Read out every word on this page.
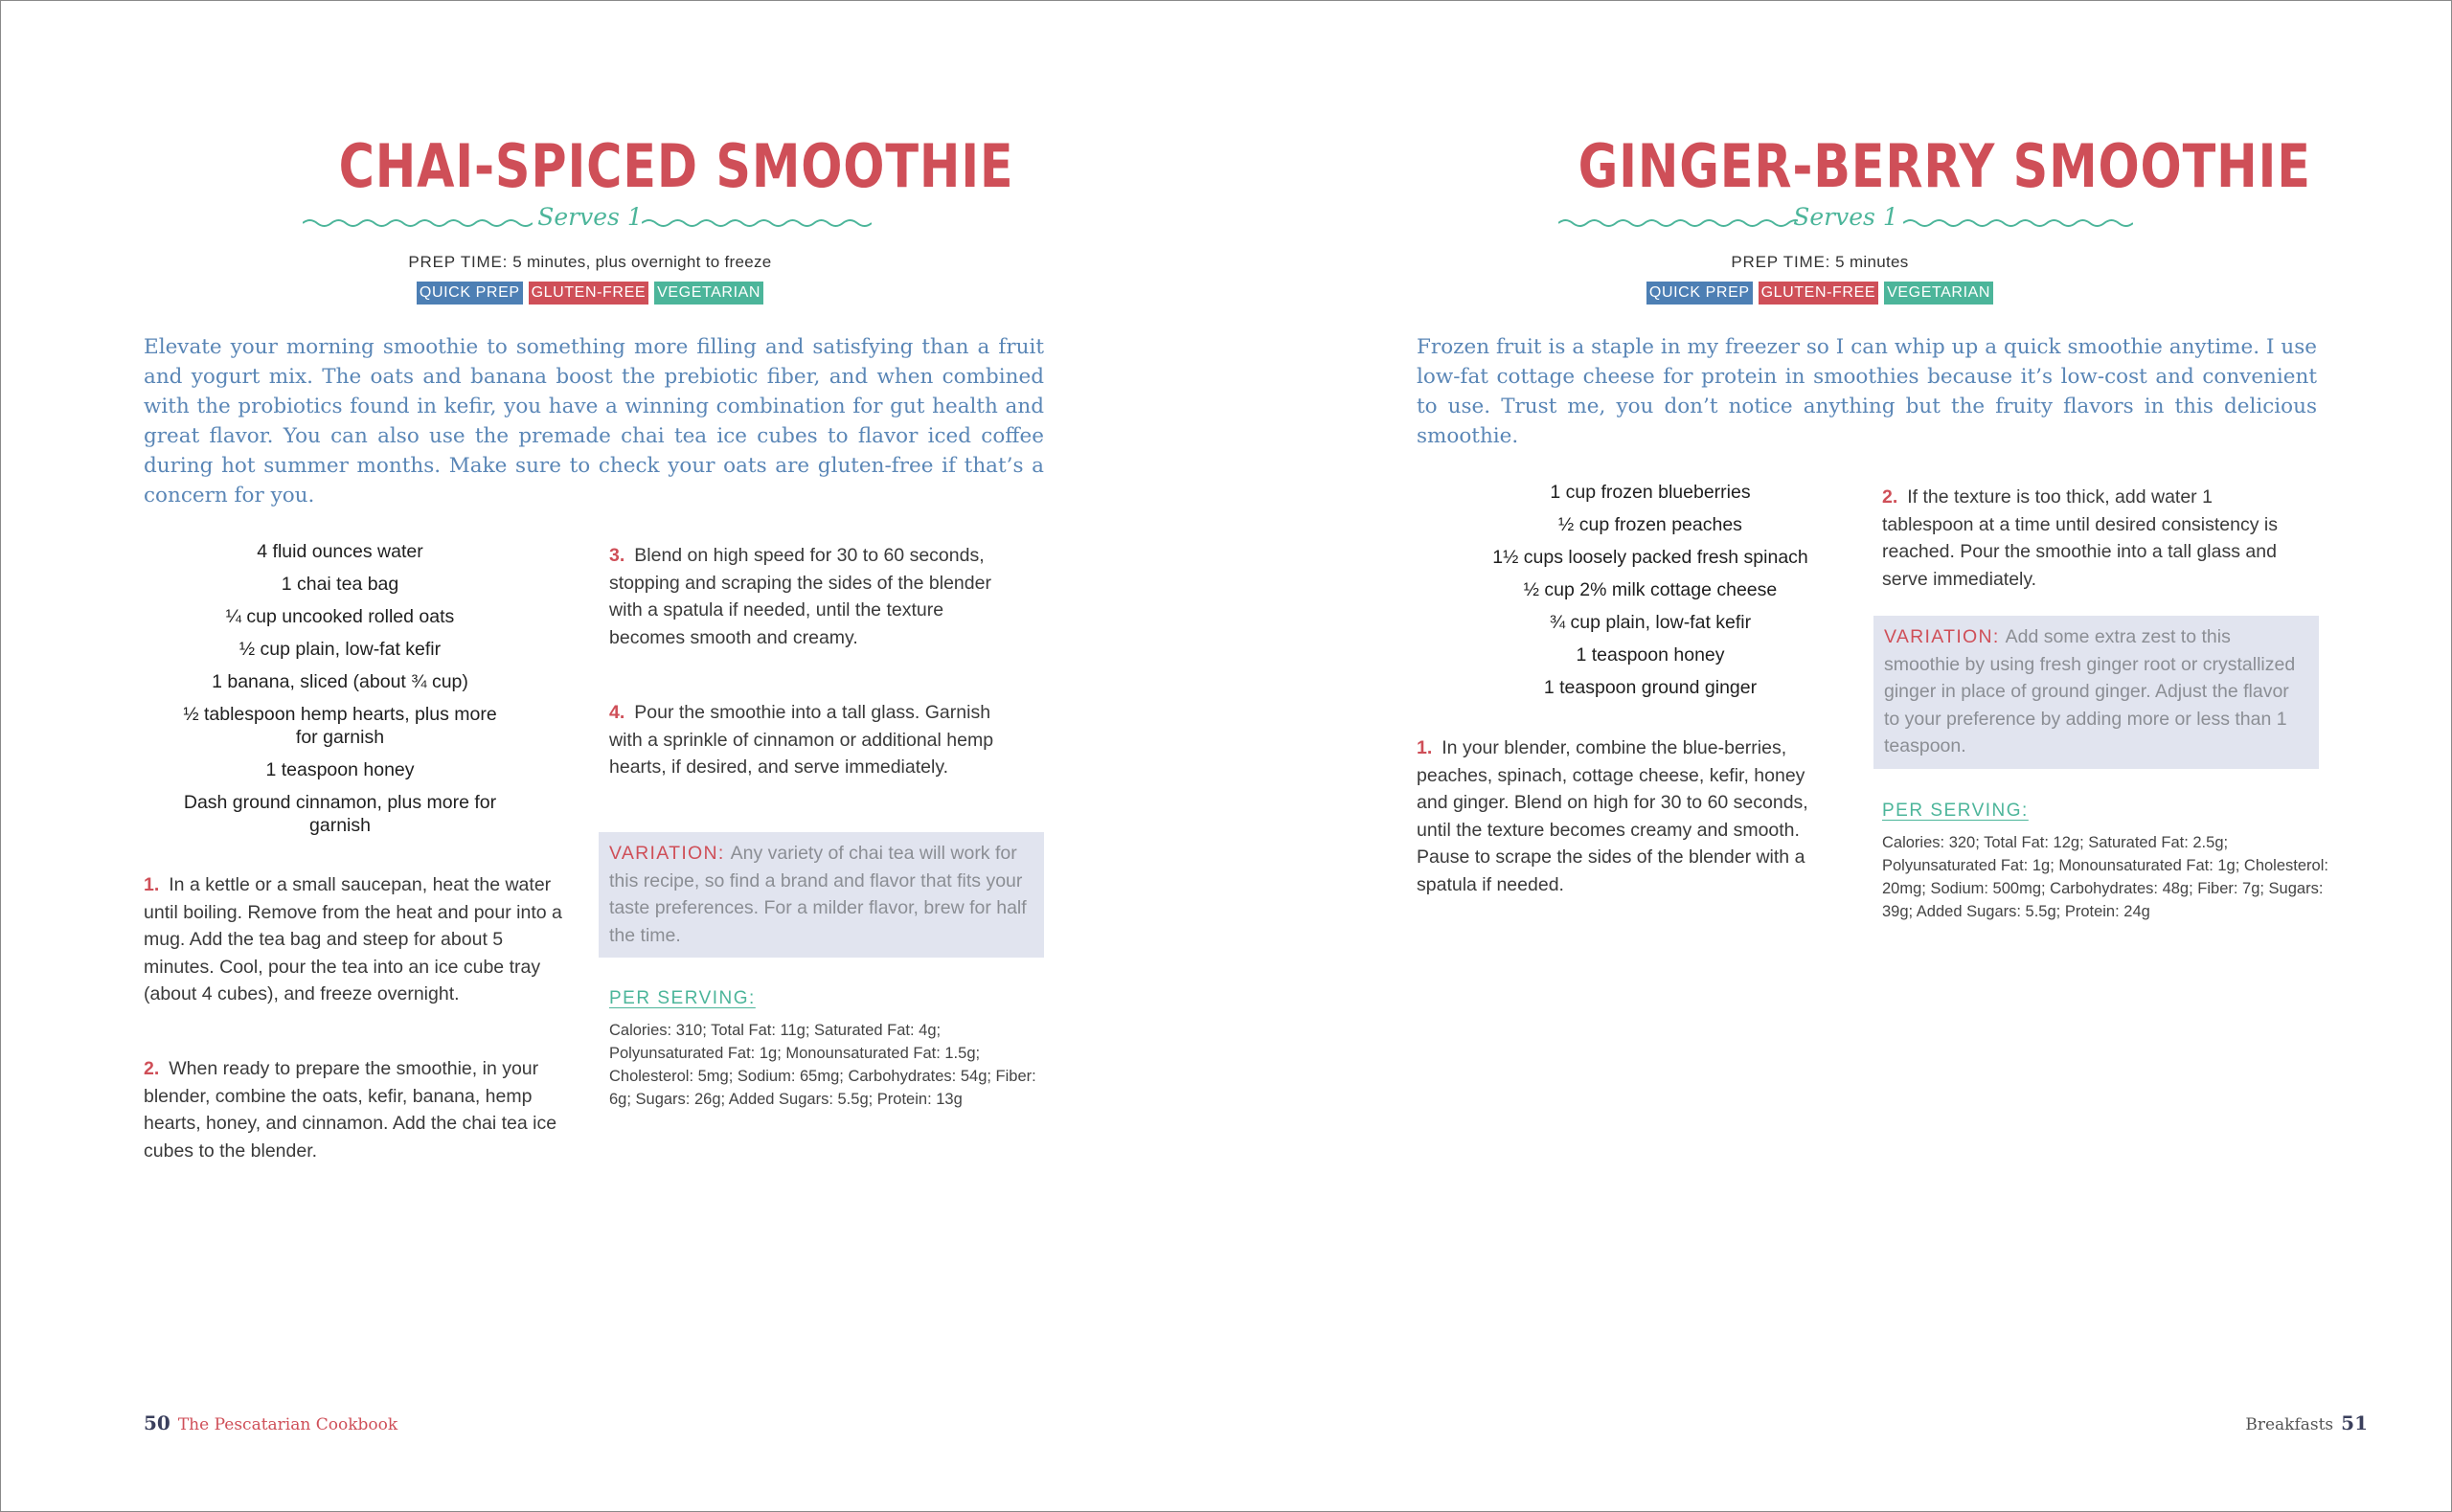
CHAI-SPICED SMOOTHIE
Serves 1
PREP TIME: 5 minutes, plus overnight to freeze
QUICK PREP GLUTEN-FREE VEGETARIAN

Elevate your morning smoothie to something more filling and satisfying than a fruit and yogurt mix. The oats and banana boost the prebiotic fiber, and when combined with the probiotics found in kefir, you have a winning combination for gut health and great flavor. You can also use the premade chai tea ice cubes to flavor iced coffee during hot summer months. Make sure to check your oats are gluten-free if that’s a concern for you.

4 fluid ounces water
1 chai tea bag
¼ cup uncooked rolled oats
½ cup plain, low-fat kefir
1 banana, sliced (about ¾ cup)
½ tablespoon hemp hearts, plus more for garnish
1 teaspoon honey
Dash ground cinnamon, plus more for garnish

1. In a kettle or a small saucepan, heat the water until boiling. Remove from the heat and pour into a mug. Add the tea bag and steep for about 5 minutes. Cool, pour the tea into an ice cube tray (about 4 cubes), and freeze overnight.

2. When ready to prepare the smoothie, in your blender, combine the oats, kefir, banana, hemp hearts, honey, and cinnamon. Add the chai tea ice cubes to the blender.

3. Blend on high speed for 30 to 60 seconds, stopping and scraping the sides of the blender with a spatula if needed, until the texture becomes smooth and creamy.

4. Pour the smoothie into a tall glass. Garnish with a sprinkle of cinnamon or additional hemp hearts, if desired, and serve immediately.

VARIATION: Any variety of chai tea will work for this recipe, so find a brand and flavor that fits your taste preferences. For a milder flavor, brew for half the time.
PER SERVING:

Calories: 310; Total Fat: 11g; Saturated Fat: 4g; Polyunsaturated Fat: 1g; Monounsaturated Fat: 1.5g; Cholesterol: 5mg; Sodium: 65mg; Carbohydrates: 54g; Fiber: 6g; Sugars: 26g; Added Sugars: 5.5g; Protein: 13g

50 The Pescatarian Cookbook
GINGER-BERRY SMOOTHIE
Serves 1
PREP TIME: 5 minutes
QUICK PREP GLUTEN-FREE VEGETARIAN

Frozen fruit is a staple in my freezer so I can whip up a quick smoothie anytime. I use low-fat cottage cheese for protein in smoothies because it’s low-cost and convenient to use. Trust me, you don’t notice anything but the fruity flavors in this delicious smoothie.

1 cup frozen blueberries
½ cup frozen peaches
1½ cups loosely packed fresh spinach
½ cup 2% milk cottage cheese
¾ cup plain, low-fat kefir
1 teaspoon honey
1 teaspoon ground ginger

1. In your blender, combine the blue-berries, peaches, spinach, cottage cheese, kefir, honey and ginger. Blend on high for 30 to 60 seconds, until the texture becomes creamy and smooth. Pause to scrape the sides of the blender with a spatula if needed.

2. If the texture is too thick, add water 1 tablespoon at a time until desired consistency is reached. Pour the smoothie into a tall glass and serve immediately.

VARIATION: Add some extra zest to this smoothie by using fresh ginger root or crystallized ginger in place of ground ginger. Adjust the flavor to your preference by adding more or less than 1 teaspoon.
PER SERVING:

Calories: 320; Total Fat: 12g; Saturated Fat: 2.5g; Polyunsaturated Fat: 1g; Monounsaturated Fat: 1g; Cholesterol: 20mg; Sodium: 500mg; Carbohydrates: 48g; Fiber: 7g; Sugars: 39g; Added Sugars: 5.5g; Protein: 24g

Breakfasts 51
